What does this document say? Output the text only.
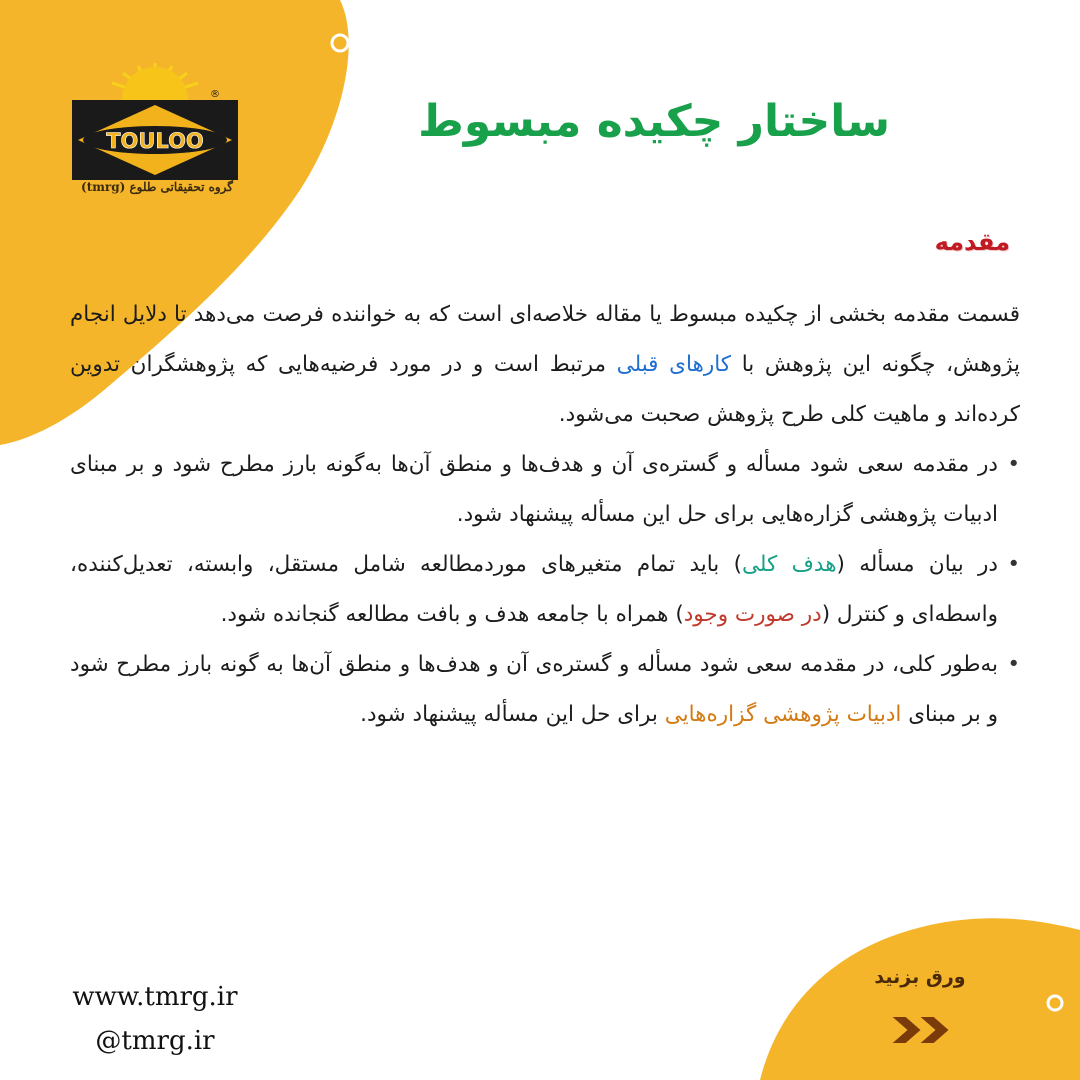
TOULOO
®
گروه تحقیقاتی طلوع (tmrg)
ساختار چکیده مبسوط
مقدمه

قسمت مقدمه بخشی از چکیده مبسوط یا مقاله خلاصه‌ای است که به خواننده فرصت می‌دهد تا دلایل انجام پژوهش، چگونه این پژوهش با کارهای قبلی مرتبط است و در مورد فرضیه‌هایی که پژوهشگران تدوین کرده‌اند و ماهیت کلی طرح پژوهش صحبت می‌شود.

• در مقدمه سعی شود مسأله و گستره‌ی آن و هدف‌ها و منطق آن‌ها به‌گونه بارز مطرح شود و بر مبنای ادبیات پژوهشی گزاره‌هایی برای حل این مسأله پیشنهاد شود.
• در بیان مسأله (هدف کلی) باید تمام متغیرهای موردمطالعه شامل مستقل، وابسته، تعدیل‌کننده، واسطه‌ای و کنترل (در صورت وجود) همراه با جامعه هدف و بافت مطالعه گنجانده شود.
• به‌طور کلی، در مقدمه سعی شود مسأله و گستره‌ی آن و هدف‌ها و منطق آن‌ها به گونه بارز مطرح شود و بر مبنای ادبیات پژوهشی گزاره‌هایی برای حل این مسأله پیشنهاد شود.
www.tmrg.ir
@tmrg.ir
ورق بزنید
